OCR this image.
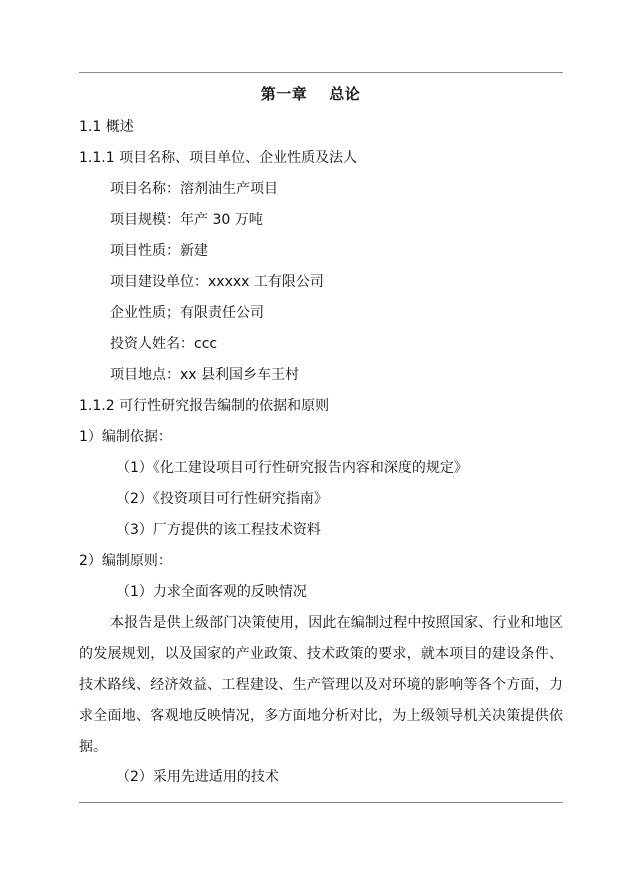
第一章 总论
1.1 概述
1.1.1 项目名称、项目单位、企业性质及法人
项目名称：溶剂油生产项目
项目规模：年产 30 万吨
项目性质：新建
项目建设单位：xxxxx 工有限公司
企业性质；有限责任公司
投资人姓名：ccc
项目地点：xx 县利国乡车王村
1.1.2 可行性研究报告编制的依据和原则
1）编制依据：
（1）《化工建设项目可行性研究报告内容和深度的规定》
（2）《投资项目可行性研究指南》
（3）厂方提供的该工程技术资料
2）编制原则：
（1）力求全面客观的反映情况
本报告是供上级部门决策使用，因此在编制过程中按照国家、行业和地区的发展规划，以及国家的产业政策、技术政策的要求，就本项目的建设条件、技术路线、经济效益、工程建设、生产管理以及对环境的影响等各个方面，力求全面地、客观地反映情况，多方面地分析对比，为上级领导机关决策提供依据。
（2）采用先进适用的技术
